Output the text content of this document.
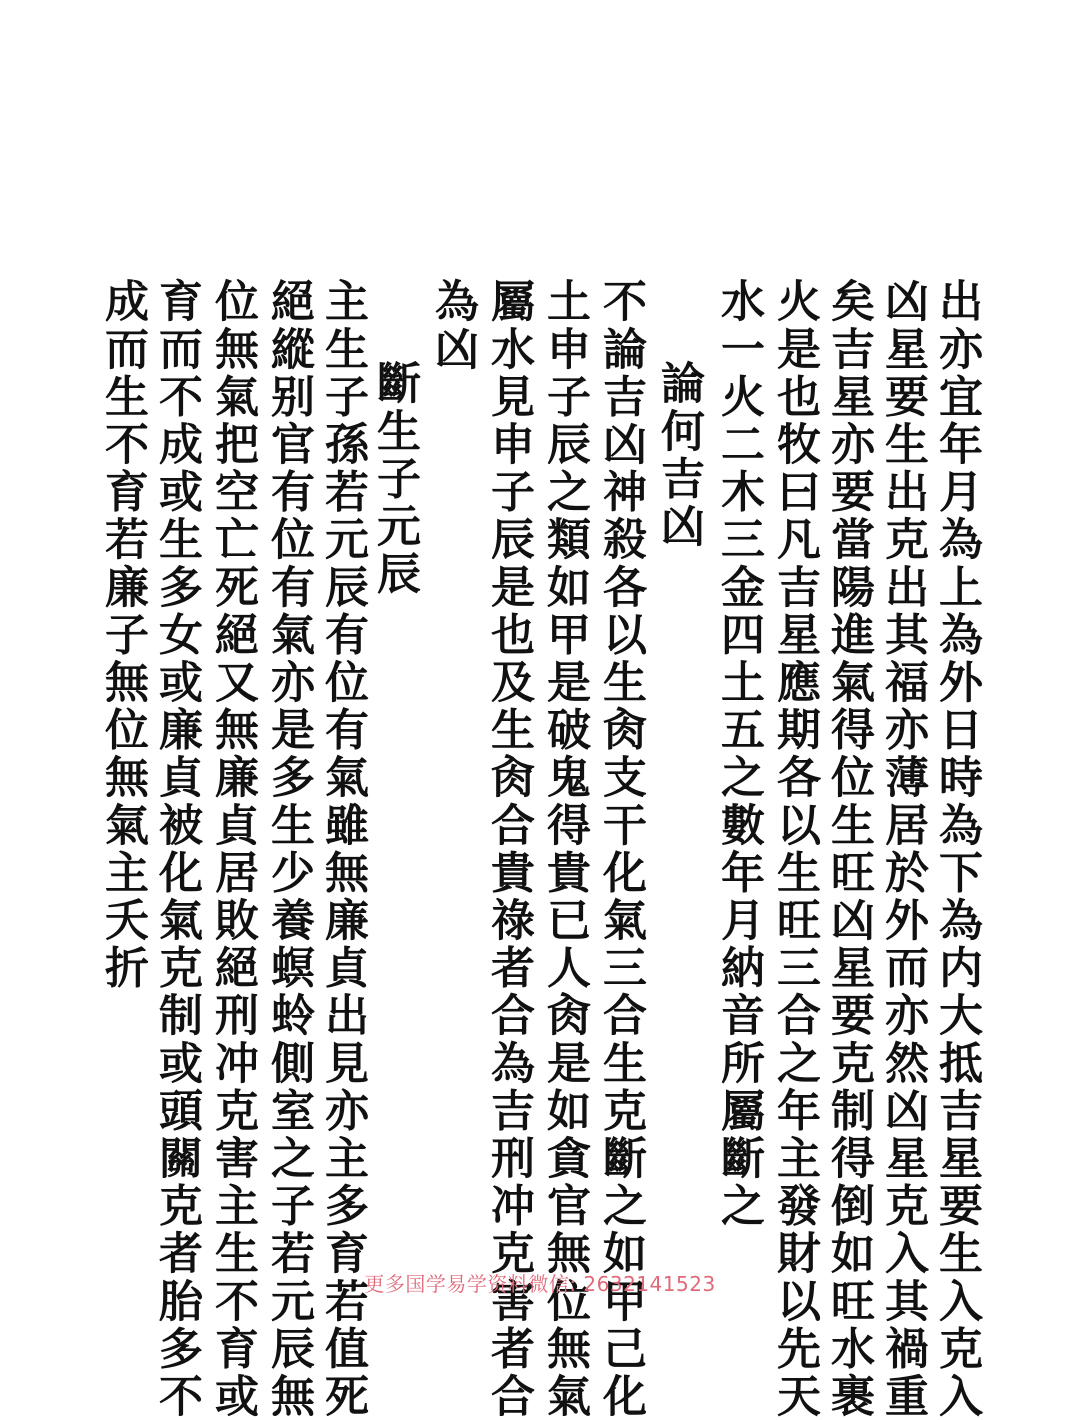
出亦宜年月為上為外日時為下為内大抵吉星要生入克入
凶星要生出克出其福亦薄居於外而亦然凶星克入其禍重
矣吉星亦要當陽進氣得位生旺凶星要克制得倒如旺水裹
火是也牧曰凡吉星應期各以生旺三合之年主發財以先天
水一火二木三金四土五之數年月納音所屬斷之
論何吉凶
不論吉凶神殺各以生肏支干化氣三合生克斷之如甲己化
土申子辰之類如甲是破鬼得貴已人肏是如貪官無位無氣
屬水見申子辰是也及生肏合貴祿者合為吉刑冲克害者合
為凶
斷生子元辰
主生子孫若元辰有位有氣雖無廉貞出見亦主多育若值死
絕縱别官有位有氣亦是多生少養螟蛉側室之子若元辰無
位無氣把空亡死絕又無廉貞居敗絕刑冲克害主生不育或
育而不成或生多女或廉貞被化氣克制或頭關克者胎多不
成而生不育若廉子無位無氣主夭折
更多国学易学资料微信: 2632141523
